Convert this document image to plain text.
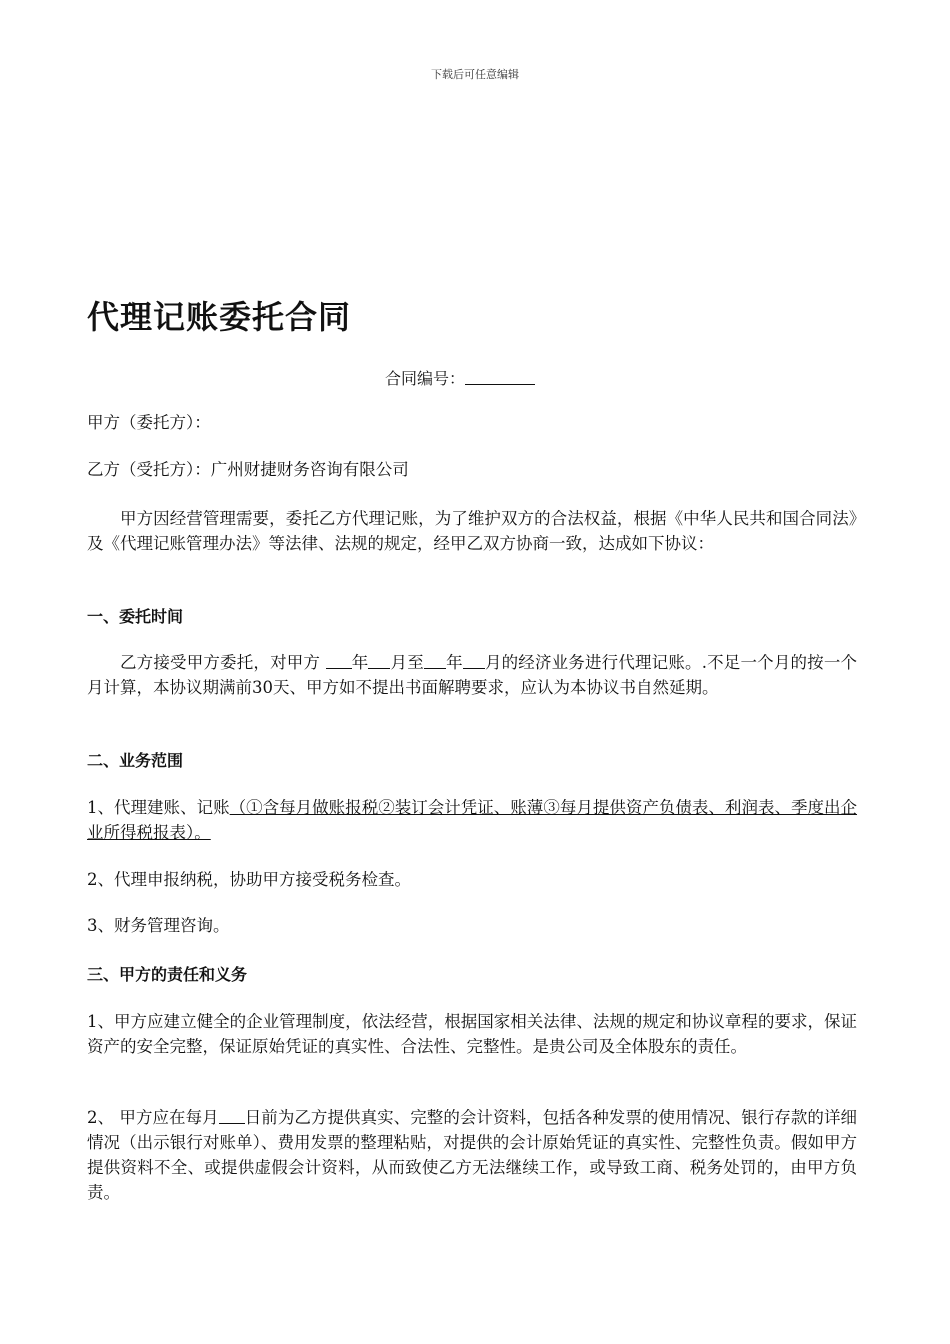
下载后可任意编辑
代理记账委托合同
合同编号：

甲方（委托方）：

乙方（受托方）：广州财捷财务咨询有限公司

甲方因经营管理需要，委托乙方代理记账，为了维护双方的合法权益，根据《中华人民共和国合同法》及《代理记账管理办法》等法律、法规的规定，经甲乙双方协商一致，达成如下协议：

一、委托时间

乙方接受甲方委托，对甲方 年 月至 年 月的经济业务进行代理记账。.不足一个月的按一个月计算，本协议期满前30天、甲方如不提出书面解聘要求，应认为本协议书自然延期。

二、业务范围

1、代理建账、记账（①含每月做账报税②装订会计凭证、账薄③每月提供资产负债表、利润表、季度出企业所得税报表）。

2、代理申报纳税，协助甲方接受税务检查。

3、财务管理咨询。

三、甲方的责任和义务

1、甲方应建立健全的企业管理制度，依法经营，根据国家相关法律、法规的规定和协议章程的要求，保证资产的安全完整，保证原始凭证的真实性、合法性、完整性。是贵公司及全体股东的责任。

2、 甲方应在每月 日前为乙方提供真实、完整的会计资料，包括各种发票的使用情况、银行存款的详细情况（出示银行对账单）、费用发票的整理粘贴，对提供的会计原始凭证的真实性、完整性负责。假如甲方提供资料不全、或提供虚假会计资料，从而致使乙方无法继续工作，或导致工商、税务处罚的，由甲方负责。
